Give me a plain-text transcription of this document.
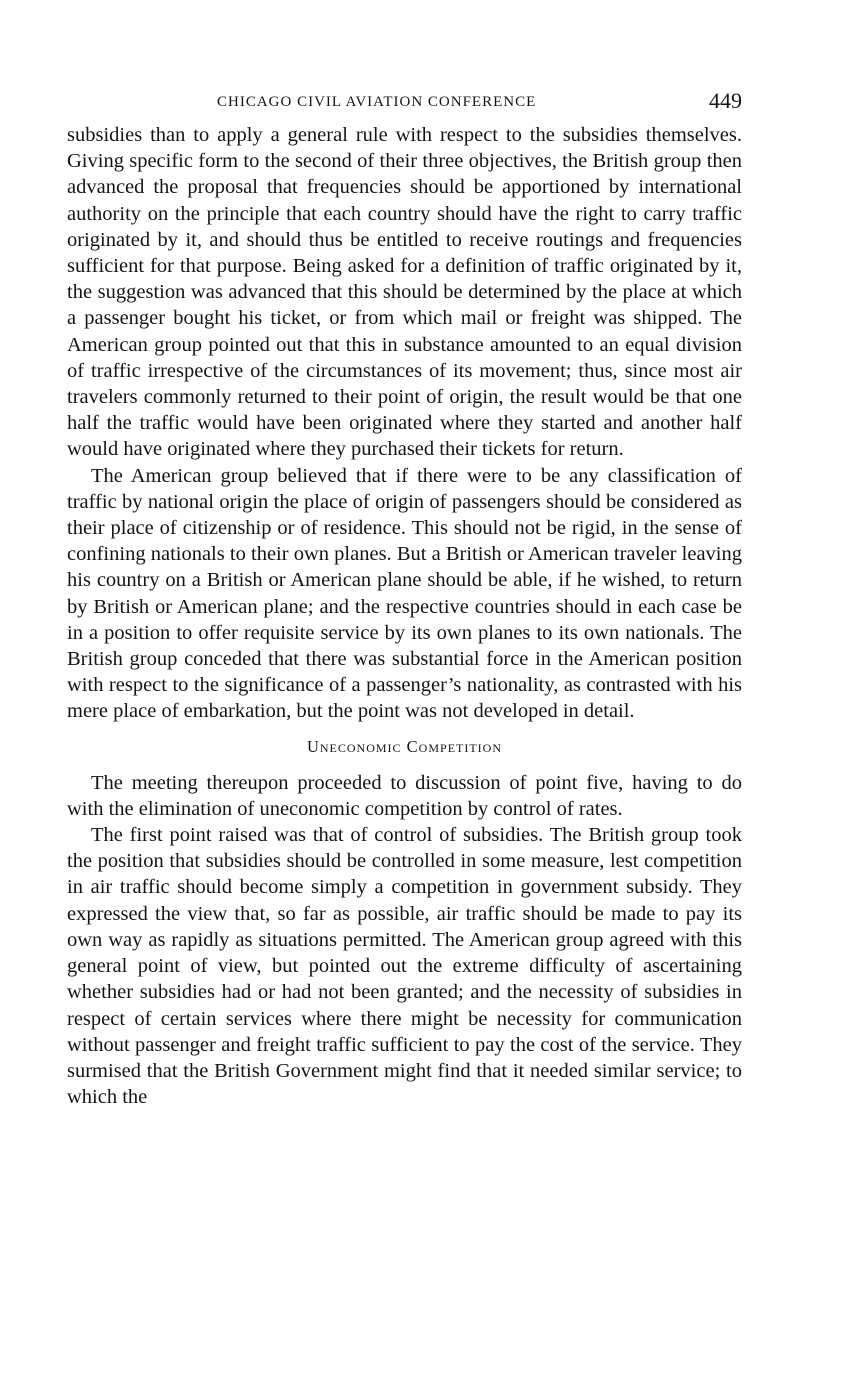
CHICAGO CIVIL AVIATION CONFERENCE	449

subsidies than to apply a general rule with respect to the subsidies themselves. Giving specific form to the second of their three objectives, the British group then advanced the proposal that frequencies should be apportioned by international authority on the principle that each country should have the right to carry traffic originated by it, and should thus be entitled to receive routings and frequencies sufficient for that purpose. Being asked for a definition of traffic originated by it, the suggestion was advanced that this should be determined by the place at which a passenger bought his ticket, or from which mail or freight was shipped. The American group pointed out that this in substance amounted to an equal division of traffic irrespective of the circumstances of its movement; thus, since most air travelers commonly returned to their point of origin, the result would be that one half the traffic would have been originated where they started and another half would have originated where they purchased their tickets for return.

The American group believed that if there were to be any classification of traffic by national origin the place of origin of passengers should be considered as their place of citizenship or of residence. This should not be rigid, in the sense of confining nationals to their own planes. But a British or American traveler leaving his country on a British or American plane should be able, if he wished, to return by British or American plane; and the respective countries should in each case be in a position to offer requisite service by its own planes to its own nationals. The British group conceded that there was substantial force in the American position with respect to the significance of a passenger’s nationality, as contrasted with his mere place of embarkation, but the point was not developed in detail.

Uneconomic Competition

The meeting thereupon proceeded to discussion of point five, having to do with the elimination of uneconomic competition by control of rates.

The first point raised was that of control of subsidies. The British group took the position that subsidies should be controlled in some measure, lest competition in air traffic should become simply a competition in government subsidy. They expressed the view that, so far as possible, air traffic should be made to pay its own way as rapidly as situations permitted. The American group agreed with this general point of view, but pointed out the extreme difficulty of ascertaining whether subsidies had or had not been granted; and the necessity of subsidies in respect of certain services where there might be necessity for communication without passenger and freight traffic sufficient to pay the cost of the service. They surmised that the British Government might find that it needed similar service; to which the
